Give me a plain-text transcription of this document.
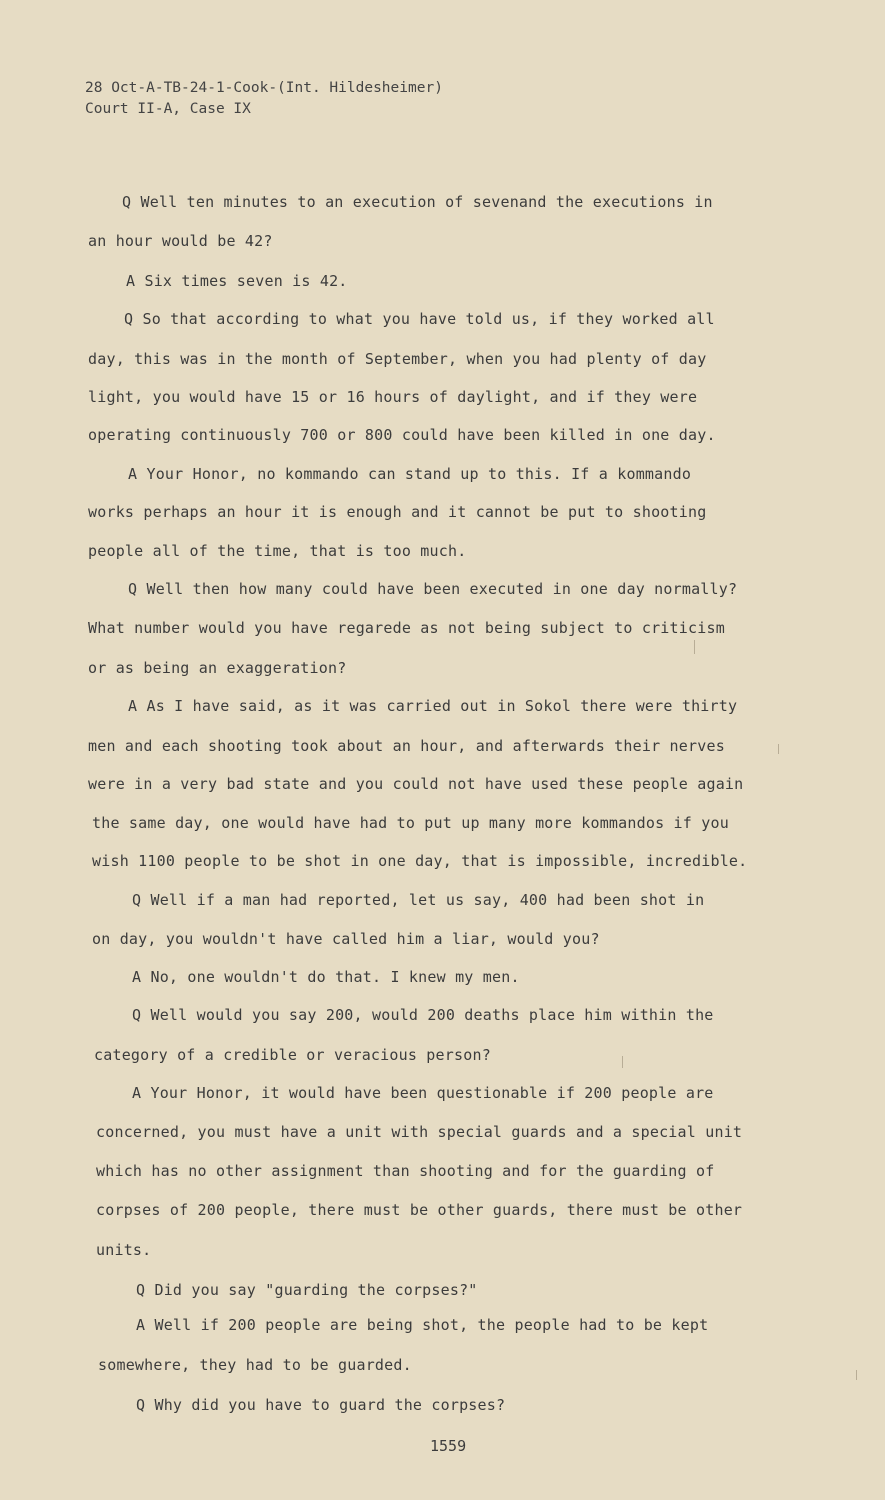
28 Oct-A-TB-24-1-Cook-(Int. Hildesheimer)
Court II-A, Case IX
Q Well ten minutes to an execution of sevenand the executions in
an hour would be 42?
A Six times seven is 42.
Q So that according to what you have told us, if they worked all
day, this was in the month of September, when you had plenty of day
light, you would have 15 or 16 hours of daylight, and if they were
operating continuously 700 or 800 could have been killed in one day.
A Your Honor, no kommando can stand up to this. If a kommando
works perhaps an hour it is enough and it cannot be put to shooting
people all of the time, that is too much.
Q Well then how many could have been executed in one day normally?
What number would you have regarede as not being subject to criticism
or as being an exaggeration?
A As I have said, as it was carried out in Sokol there were thirty
men and each shooting took about an hour, and afterwards their nerves
were in a very bad state and you could not have used these people again
the same day, one would have had to put up many more kommandos if you
wish 1100 people to be shot in one day, that is impossible, incredible.
Q Well if a man had reported, let us say, 400 had been shot in
on day, you wouldn't have called him a liar, would you?
A No, one wouldn't do that. I knew my men.
Q Well would you say 200, would 200 deaths place him within the
category of a credible or veracious person?
A Your Honor, it would have been questionable if 200 people are
concerned, you must have a unit with special guards and a special unit
which has no other assignment than shooting and for the guarding of
corpses of 200 people, there must be other guards, there must be other
units.
Q Did you say "guarding the corpses?"
A Well if 200 people are being shot, the people had to be kept
somewhere, they had to be guarded.
Q Why did you have to guard the corpses?
1559
